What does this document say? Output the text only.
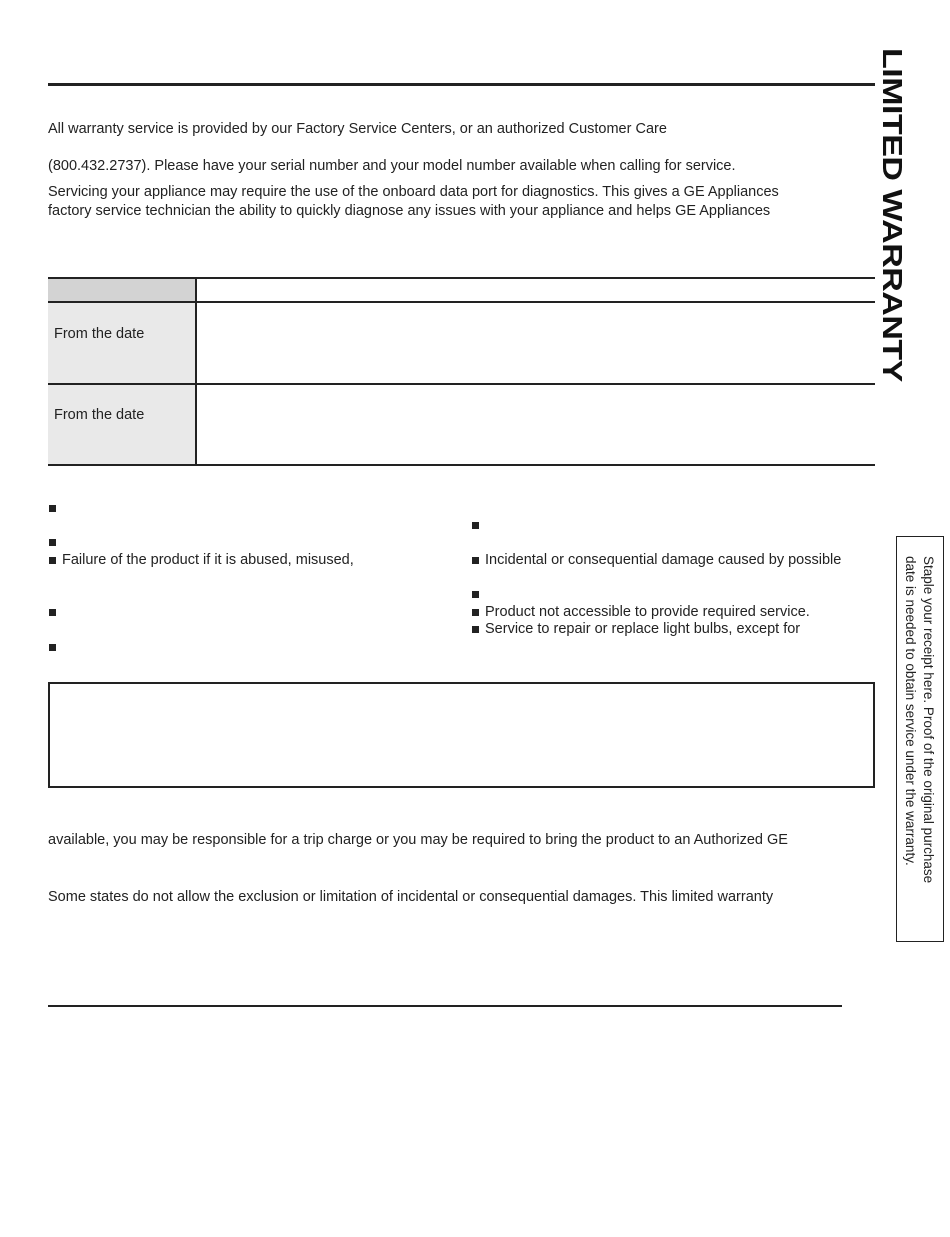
All warranty service is provided by our Factory Service Centers, or an authorized Customer Care
(800.432.2737). Please have your serial number and your model number available when calling for service.
Servicing your appliance may require the use of the onboard data port for diagnostics. This gives a GE Appliances
factory service technician the ability to quickly diagnose any issues with your appliance and helps GE Appliances
From the date
From the date
Failure of the product if it is abused, misused,	Incidental or consequential damage caused by possible
Product not accessible to provide required service.
Service to repair or replace light bulbs, except for
available, you may be responsible for a trip charge or you may be required to bring the product to an Authorized GE
Some states do not allow the exclusion or limitation of incidental or consequential damages. This limited warranty
LIMITED WARRANTY
Staple your receipt here. Proof of the original purchase
date is needed to obtain service under the warranty.
